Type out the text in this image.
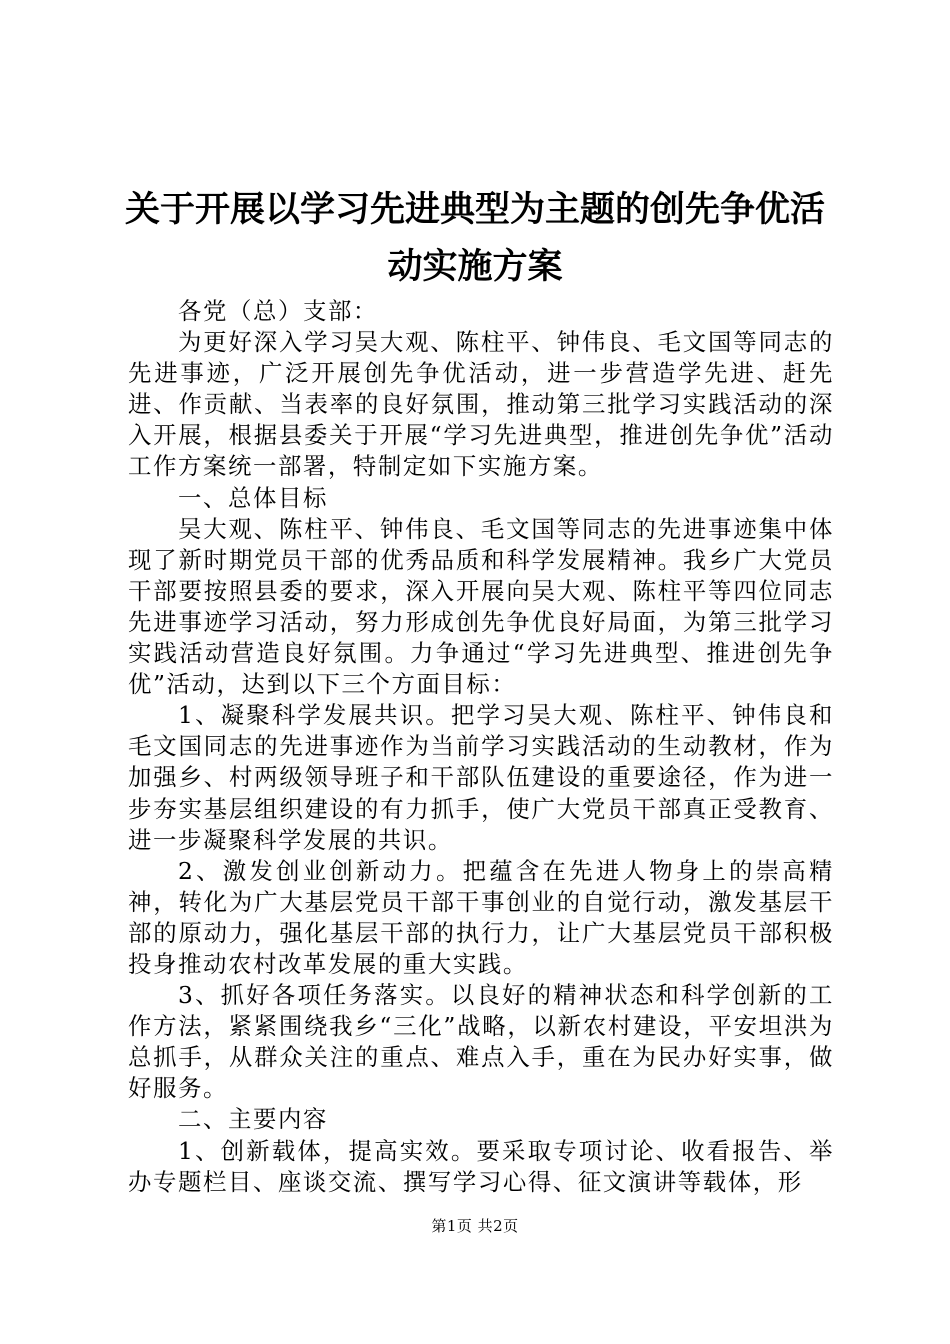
关于开展以学习先进典型为主题的创先争优活动实施方案

各党（总）支部：

为更好深入学习吴大观、陈柱平、钟伟良、毛文国等同志的先进事迹，广泛开展创先争优活动，进一步营造学先进、赶先进、作贡献、当表率的良好氛围，推动第三批学习实践活动的深入开展，根据县委关于开展“学习先进典型，推进创先争优”活动工作方案统一部署，特制定如下实施方案。

一、总体目标

吴大观、陈柱平、钟伟良、毛文国等同志的先进事迹集中体现了新时期党员干部的优秀品质和科学发展精神。我乡广大党员干部要按照县委的要求，深入开展向吴大观、陈柱平等四位同志先进事迹学习活动，努力形成创先争优良好局面，为第三批学习实践活动营造良好氛围。力争通过“学习先进典型、推进创先争优”活动，达到以下三个方面目标：

1、凝聚科学发展共识。把学习吴大观、陈柱平、钟伟良和毛文国同志的先进事迹作为当前学习实践活动的生动教材，作为加强乡、村两级领导班子和干部队伍建设的重要途径，作为进一步夯实基层组织建设的有力抓手，使广大党员干部真正受教育、进一步凝聚科学发展的共识。

2、激发创业创新动力。把蕴含在先进人物身上的崇高精神，转化为广大基层党员干部干事创业的自觉行动，激发基层干部的原动力，强化基层干部的执行力，让广大基层党员干部积极投身推动农村改革发展的重大实践。

3、抓好各项任务落实。以良好的精神状态和科学创新的工作方法，紧紧围绕我乡“三化”战略，以新农村建设，平安坦洪为总抓手，从群众关注的重点、难点入手，重在为民办好实事，做好服务。

二、主要内容

1、创新载体，提高实效。要采取专项讨论、收看报告、举办专题栏目、座谈交流、撰写学习心得、征文演讲等载体，形

第1页 共2页
